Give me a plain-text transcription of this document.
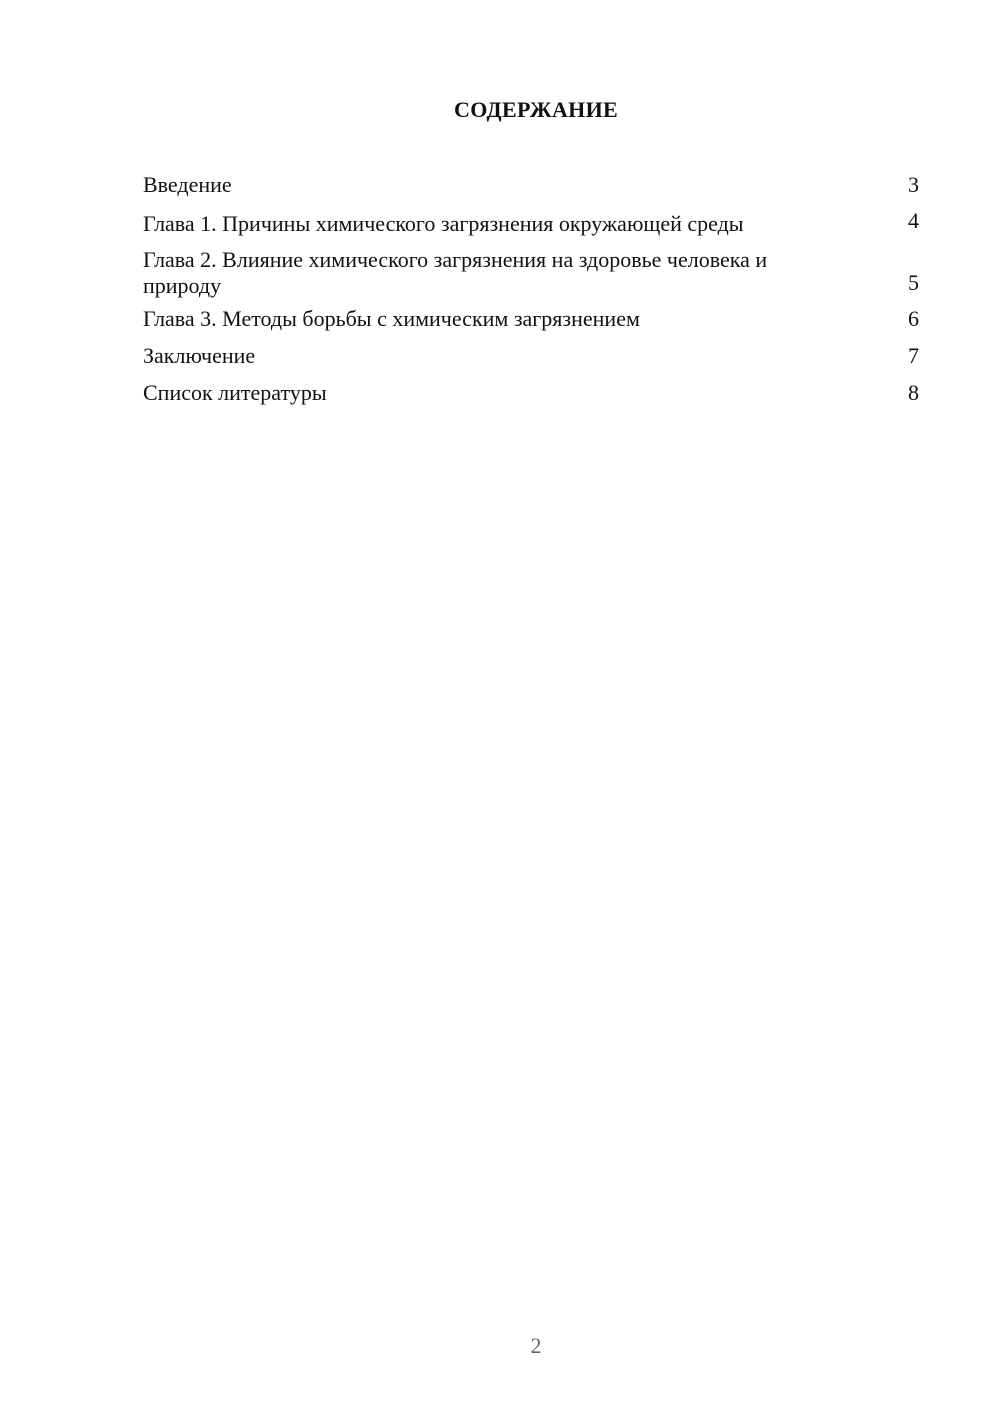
СОДЕРЖАНИЕ
Введение	3
Глава 1. Причины химического загрязнения окружающей среды	4
Глава 2. Влияние химического загрязнения на здоровье человека и природу	5
Глава 3. Методы борьбы с химическим загрязнением	6
Заключение	7
Список литературы	8
2
